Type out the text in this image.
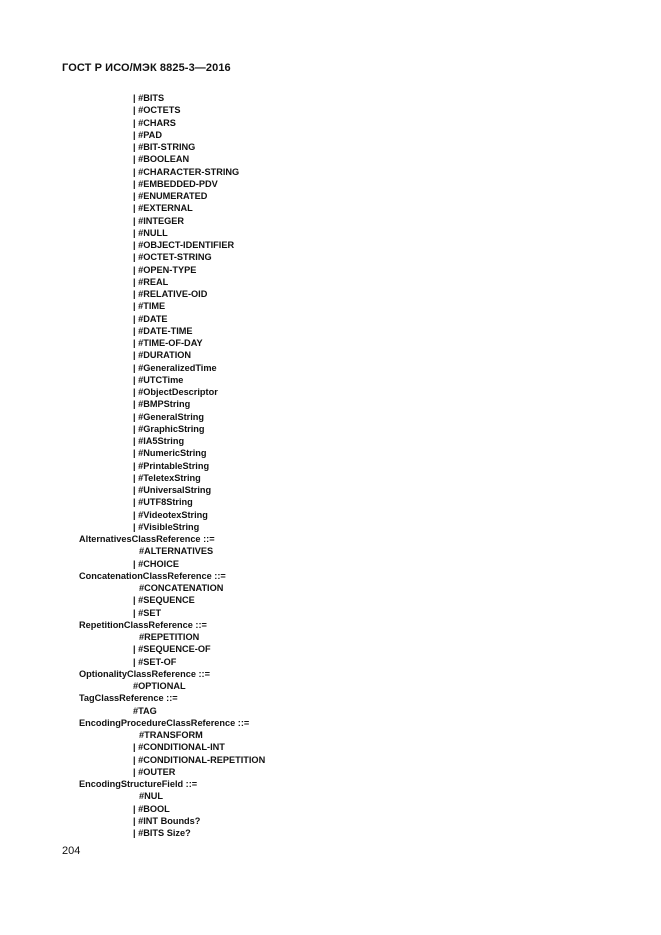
ГОСТ Р ИСО/МЭК 8825-3—2016
| #BITS
| #OCTETS
| #CHARS
| #PAD
| #BIT-STRING
| #BOOLEAN
| #CHARACTER-STRING
| #EMBEDDED-PDV
| #ENUMERATED
| #EXTERNAL
| #INTEGER
| #NULL
| #OBJECT-IDENTIFIER
| #OCTET-STRING
| #OPEN-TYPE
| #REAL
| #RELATIVE-OID
| #TIME
| #DATE
| #DATE-TIME
| #TIME-OF-DAY
| #DURATION
| #GeneralizedTime
| #UTCTime
| #ObjectDescriptor
| #BMPString
| #GeneralString
| #GraphicString
| #IA5String
| #NumericString
| #PrintableString
| #TeletexString
| #UniversalString
| #UTF8String
| #VideotexString
| #VisibleString
AlternativesClassReference ::=
#ALTERNATIVES
| #CHOICE
ConcatenationClassReference ::=
#CONCATENATION
| #SEQUENCE
| #SET
RepetitionClassReference ::=
#REPETITION
| #SEQUENCE-OF
| #SET-OF
OptionalityClassReference ::=
#OPTIONAL
TagClassReference ::=
#TAG
EncodingProcedureClassReference ::=
#TRANSFORM
| #CONDITIONAL-INT
| #CONDITIONAL-REPETITION
| #OUTER
EncodingStructureField ::=
#NUL
| #BOOL
| #INT Bounds?
| #BITS Size?
204
